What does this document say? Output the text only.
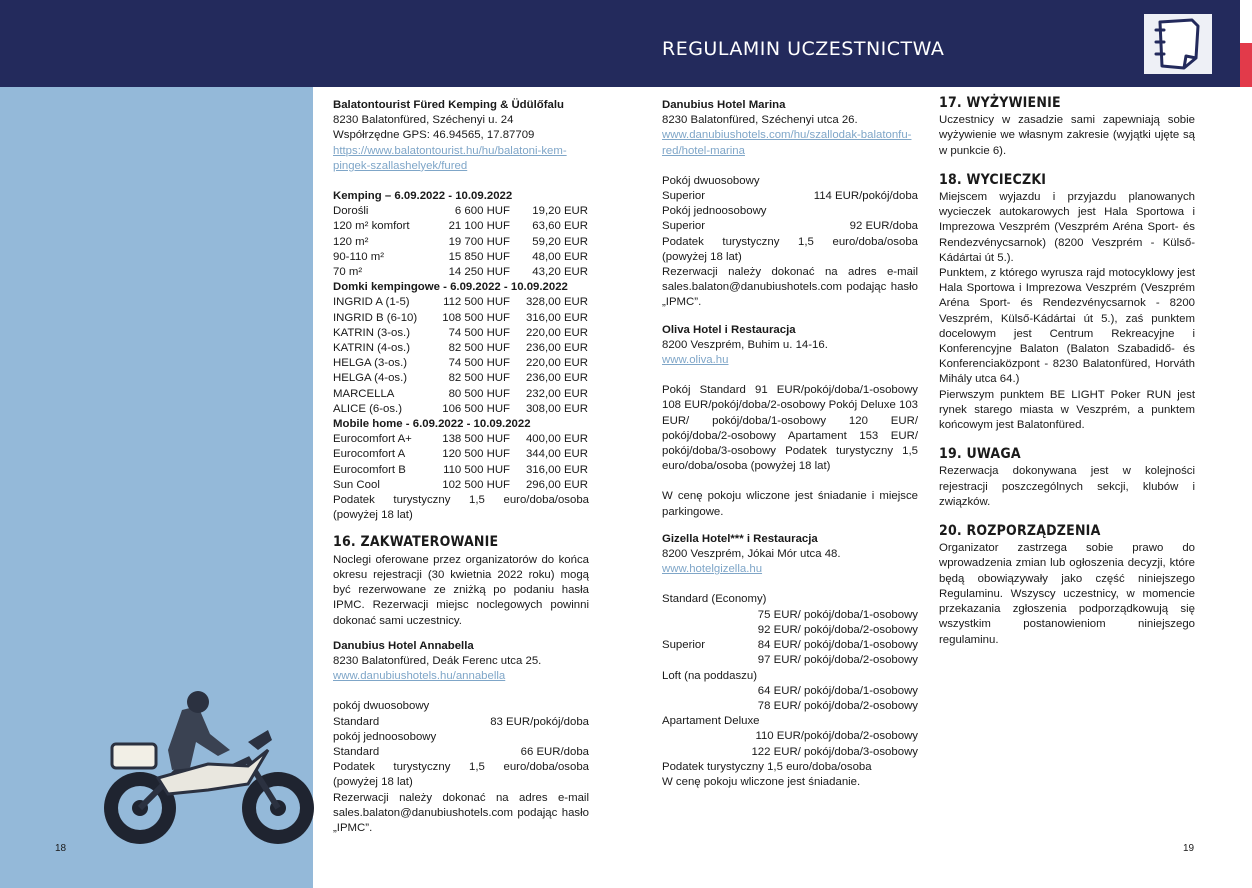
REGULAMIN UCZESTNICTWA
18	19

Balatontourist Füred Kemping & Üdülőfalu

8230 Balatonfüred, Széchenyi u. 24

Współrzędne GPS: 46.94565, 17.87709

https://www.balatontourist.hu/hu/balatoni-kem-

pingek-szallashelyek/fured

Kemping – 6.09.2022 - 10.09.2022

Dorośli	6 600 HUF	19,20 EUR
120 m² komfort	21 100 HUF	63,60 EUR
120 m²	19 700 HUF	59,20 EUR
90-110 m²	15 850 HUF	48,00 EUR
70 m²	14 250 HUF	43,20 EUR

Domki kempingowe - 6.09.2022 - 10.09.2022

INGRID A (1-5)	112 500 HUF	328,00 EUR
INGRID B (6-10)	108 500 HUF	316,00 EUR
KATRIN (3-os.)	74 500 HUF	220,00 EUR
KATRIN (4-os.)	82 500 HUF	236,00 EUR
HELGA (3-os.)	74 500 HUF	220,00 EUR
HELGA (4-os.)	82 500 HUF	236,00 EUR
MARCELLA	80 500 HUF	232,00 EUR
ALICE (6-os.)	106 500 HUF	308,00 EUR

Mobile home - 6.09.2022 - 10.09.2022

Eurocomfort A+	138 500 HUF	400,00 EUR
Eurocomfort A	120 500 HUF	344,00 EUR
Eurocomfort B	110 500 HUF	316,00 EUR
Sun Cool	102 500 HUF	296,00 EUR

Podatek turystyczny 1,5 euro/doba/osoba

(powyżej 18 lat)

16. ZAKWATEROWANIE

Noclegi oferowane przez organizatorów do końca okresu rejestracji (30 kwietnia 2022 roku) mogą być rezerwowane ze zniżką po podaniu hasła IPMC. Rezerwacji miejsc noclegowych powinni dokonać sami uczestnicy.

Danubius Hotel Annabella

8230 Balatonfüred, Deák Ferenc utca 25.

www.danubiushotels.hu/annabella

pokój dwuosobowy

Standard	83 EUR/pokój/doba

pokój jednoosobowy

Standard	66 EUR/doba

Podatek turystyczny 1,5 euro/doba/osoba (powyżej 18 lat)

Rezerwacji należy dokonać na adres e-mail sales.balaton@danubiushotels.com podając hasło „IPMC”.

Danubius Hotel Marina

8230 Balatonfüred, Széchenyi utca 26.

www.danubiushotels.com/hu/szallodak-balatonfu-

red/hotel-marina

Pokój dwuosobowy

Superior	114 EUR/pokój/doba

Pokój jednoosobowy

Superior	92 EUR/doba

Podatek turystyczny 1,5 euro/doba/osoba (powyżej 18 lat)

Rezerwacji należy dokonać na adres e-mail sales.balaton@danubiushotels.com podając hasło „IPMC”.

Oliva Hotel i Restauracja

8200 Veszprém, Buhim u. 14-16.

www.oliva.hu

Pokój Standard 91 EUR/pokój/doba/1-osobowy 108 EUR/pokój/doba/2-osobowy Pokój Deluxe 103 EUR/ pokój/doba/1-osobowy 120 EUR/ pokój/doba/2-osobowy Apartament 153 EUR/ pokój/doba/3-osobowy Podatek turystyczny 1,5 euro/doba/osoba (powyżej 18 lat)

W cenę pokoju wliczone jest śniadanie i miejsce parkingowe.

Gizella Hotel*** i Restauracja

8200 Veszprém, Jókai Mór utca 48.

www.hotelgizella.hu

Standard (Economy)

75 EUR/ pokój/doba/1-osobowy

92 EUR/ pokój/doba/2-osobowy

Superior	84 EUR/ pokój/doba/1-osobowy

97 EUR/ pokój/doba/2-osobowy

Loft (na poddaszu)

64 EUR/ pokój/doba/1-osobowy

78 EUR/ pokój/doba/2-osobowy

Apartament Deluxe

110 EUR/pokój/doba/2-osobowy

122 EUR/ pokój/doba/3-osobowy

Podatek turystyczny 1,5 euro/doba/osoba

W cenę pokoju wliczone jest śniadanie.

17. WYŻYWIENIE

Uczestnicy w zasadzie sami zapewniają sobie wyżywienie we własnym zakresie (wyjątki ujęte są w punkcie 6).

18. WYCIECZKI

Miejscem wyjazdu i przyjazdu planowanych wycieczek autokarowych jest Hala Sportowa i Imprezowa Veszprém (Veszprém Aréna Sport- és Rendezvénycsarnok) (8200 Veszprém - Külső-Kádártai út 5.).

Punktem, z którego wyrusza rajd motocyklowy jest Hala Sportowa i Imprezowa Veszprém (Veszprém Aréna Sport- és Rendezvénycsarnok - 8200 Veszprém, Külső-Kádártai út 5.), zaś punktem docelowym jest Centrum Rekreacyjne i Konferencyjne Balaton (Balaton Szabadidő- és Konferenciaközpont - 8230 Balatonfüred, Horváth Mihály utca 64.)

Pierwszym punktem BE LIGHT Poker RUN jest rynek starego miasta w Veszprém, a punktem końcowym jest Balatonfüred.

19. UWAGA

Rezerwacja dokonywana jest w kolejności rejestracji poszczególnych sekcji, klubów i związków.

20. ROZPORZĄDZENIA

Organizator zastrzega sobie prawo do wprowadzenia zmian lub ogłoszenia decyzji, które będą obowiązywały jako część niniejszego Regulaminu. Wszyscy uczestnicy, w momencie przekazania zgłoszenia podporządkowują się wszystkim postanowieniom niniejszego regulaminu.
